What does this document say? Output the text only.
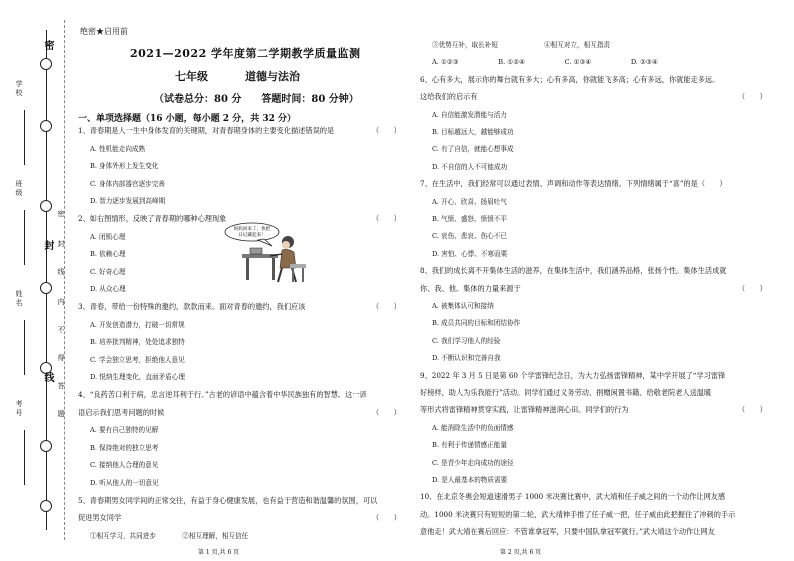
密
封
线
密
封
线
内
不
得
答
题
学校
班级
姓名
考号
绝密★启用前
2021—2022 学年度第二学期教学质量监测
七年级	道德与法治
（试卷总分：80 分　　答题时间：80 分钟）
一、单项选择题（16 小题，每小题 2 分，共 32 分）
1、青春期是人一生中身体发育的关键期，对青春期身体的主要变化描述错误的是	（　　）
A. 性机能走向成熟
B. 身体外形上发生变化
C. 身体内部器官逐步完善
D. 智力逐步发展到高峰期
2、如右图情形，反映了青春期的哪种心理现象	（　　）
A. 闭锁心理
B. 依赖心理
C. 好奇心理
D. 从众心理
3、青春，带给一份特殊的邀约，款款而来。面对青春的邀约，我们应该	（　　）
A. 开发创造潜力，打破一切常规
B. 培养批判精神，处处追求独特
C. 学会独立思考，拒绝他人意见
D. 悦纳生理变化，直面矛盾心理
4、“良药苦口利于病，忠言逆耳利于行。”古老的谚语中蕴含着中华民族独有的智慧。这一谚
语启示我们思考问题的时候	（　　）
A. 要有自己独特的见解
B. 保持绝对的独立思考
C. 接纳他人合理的意见
D. 听从他人的一切意见
5、青春期男女同学间的正常交往，有益于身心健康发展，也有益于营造和谐温馨的氛围，可以
促进男女同学	（　　）
①相互学习，共同进步　　　　②相互理解，相互信任
妈妈回来了，快把
日记藏起来！
第 1 页,共 6 页
③优势互补，取长补短　　　　　　　④相互对立，相互指责
A. ①②③　　　　　　B. ①②④　　　　　　C. ①③④　　　　　　D. ②③④
6、心有多大，展示你的舞台就有多大；心有多高，你就能飞多高；心有多远，你就能走多远。
这给我们的启示有	（　　）
A. 自信能激发潜能与活力
B. 目标越远大，越能够成功
C. 有了自信，就能心想事成
D. 不自信的人不可能成功
7、在生活中，我们经常可以通过表情、声调和动作等表达情绪。下列情绪属于“喜”的是（　　）
A. 开心、欣喜、扬眉吐气
B. 气愤、盛怒、愤愤不平
C. 哀伤、悲哀、伤心不已
D. 害怕、心悸、不寒而栗
8、我们的成长离不开集体生活的滋养，在集体生活中，我们涵养品格，张扬个性。集体生活成就
你、我、他。集体的力量来源于	（　　）
A. 被集体认可和接纳
B. 成员共同的目标和团结协作
C. 我们学习他人的经验
D. 不断认识和完善自我
9、2022 年 3 月 5 日是第 60 个学雷锋纪念日，为大力弘扬雷锋精神，某中学开展了“学习雷锋
好榜样，助人为乐我能行”活动。同学们通过义务劳动、捐赠闲置书籍、给敬老院老人送温暖
等形式将雷锋精神贯穿实践，让雷锋精神滋润心田。同学们的行为	（　　）
A. 能消除生活中的负面情感
B. 有利于传递情感正能量
C. 是青少年走向成功的途径
D. 是人最基本的物质需要
10、在北京冬奥会短道速滑男子 1000 米决赛比赛中，武大靖和任子威之间的一个动作让网友感
动。1000 米决赛只有短短的第二轮，武大靖伸手推了任子威一把，任子威由此把握住了冲刺的手示
意他走！武大靖在赛后回应：不管谁拿冠军，只要中国队拿冠军就行。”武大靖这个动作让网友
第 2 页,共 6 页
